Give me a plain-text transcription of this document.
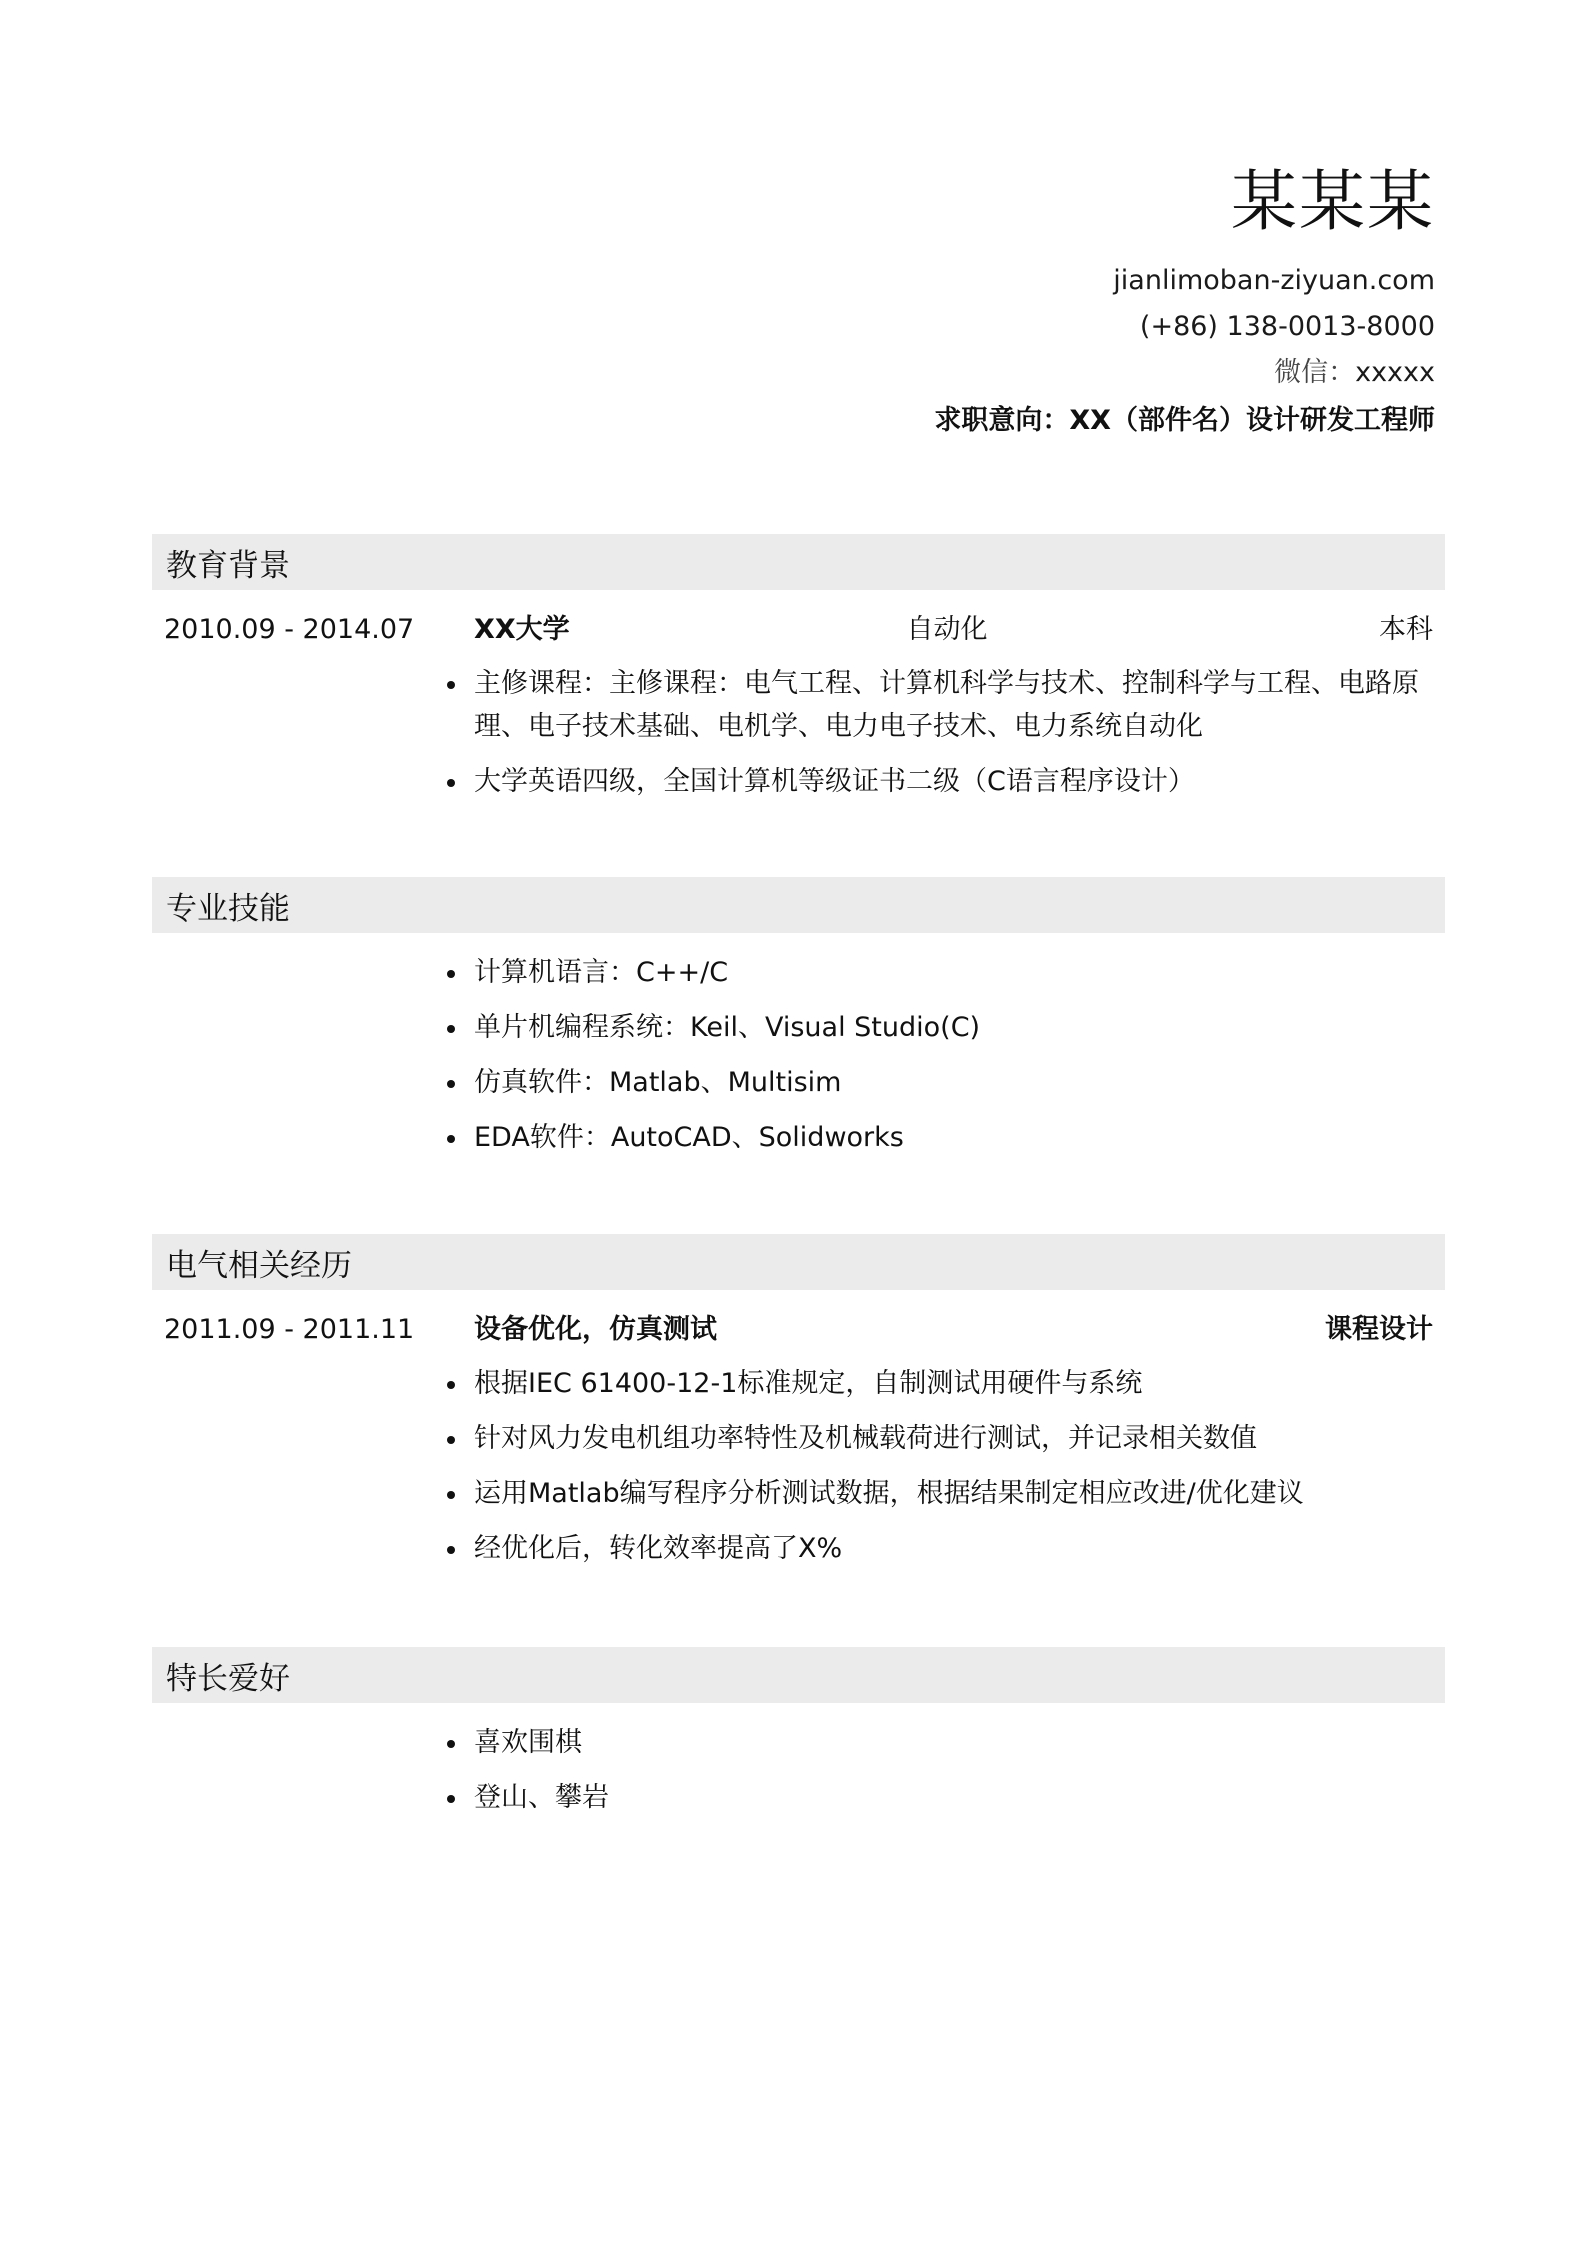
某某某
jianlimoban-ziyuan.com
(+86) 138-0013-8000
微信：xxxxx
求职意向：XX（部件名）设计研发工程师
教育背景
2010.09 - 2014.07 XX大学	本科
自动化
主修课程：主修课程：电气工程、计算机科学与技术、控制科学与工程、电路原理、电子技术基础、电机学、电力电子技术、电力系统自动化
大学英语四级，全国计算机等级证书二级（C语言程序设计）
专业技能
计算机语言：C++/C
单片机编程系统：Keil、Visual Studio(C)
仿真软件：Matlab、Multisim
EDA软件：AutoCAD、Solidworks
电气相关经历
2011.09 - 2011.11 设备优化，仿真测试	课程设计
根据IEC 61400-12-1标准规定，自制测试用硬件与系统
针对风力发电机组功率特性及机械载荷进行测试，并记录相关数值
运用Matlab编写程序分析测试数据，根据结果制定相应改进/优化建议
经优化后，转化效率提高了X%
特长爱好
喜欢围棋
登山、攀岩
